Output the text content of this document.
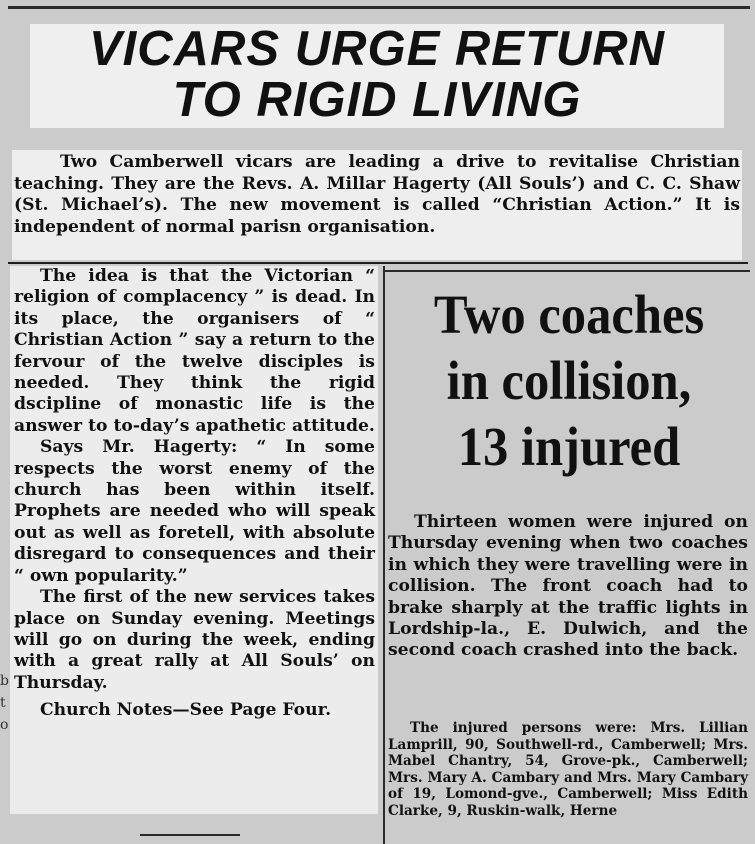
VICARS URGE RETURN
TO RIGID LIVING

Two Camberwell vicars are leading a drive to revitalise Christian teaching. They are the Revs. A. Millar Hagerty (All Souls’) and C. C. Shaw (St. Michael’s). The new movement is called “Christian Action.” It is independent of normal parisn organisation.

The idea is that the Victorian “ religion of complacency ” is dead. In its place, the organisers of “ Christian Action ” say a return to the fervour of the twelve disciples is needed. They think the rigid dscipline of monastic life is the answer to to-day’s apathetic attitude.

Says Mr. Hagerty: “ In some respects the worst enemy of the church has been within itself. Prophets are needed who will speak out as well as foretell, with absolute disregard to consequences and their “ own popularity.”

The first of the new services takes place on Sunday evening. Meetings will go on during the week, ending with a great rally at All Souls’ on Thursday.

Church Notes—See Page Four.

Two coaches
in collision,
13 injured

Thirteen women were injured on Thursday evening when two coaches in which they were travelling were in collision. The front coach had to brake sharply at the traffic lights in Lordship-la., E. Dulwich, and the second coach crashed into the back.

The injured persons were: Mrs. Lillian Lamprill, 90, Southwell-rd., Camberwell; Mrs. Mabel Chantry, 54, Grove-pk., Camberwell; Mrs. Mary A. Cambary and Mrs. Mary Cambary of 19, Lomond-gve., Camberwell; Miss Edith Clarke, 9, Ruskin-walk, Herne

b t o
